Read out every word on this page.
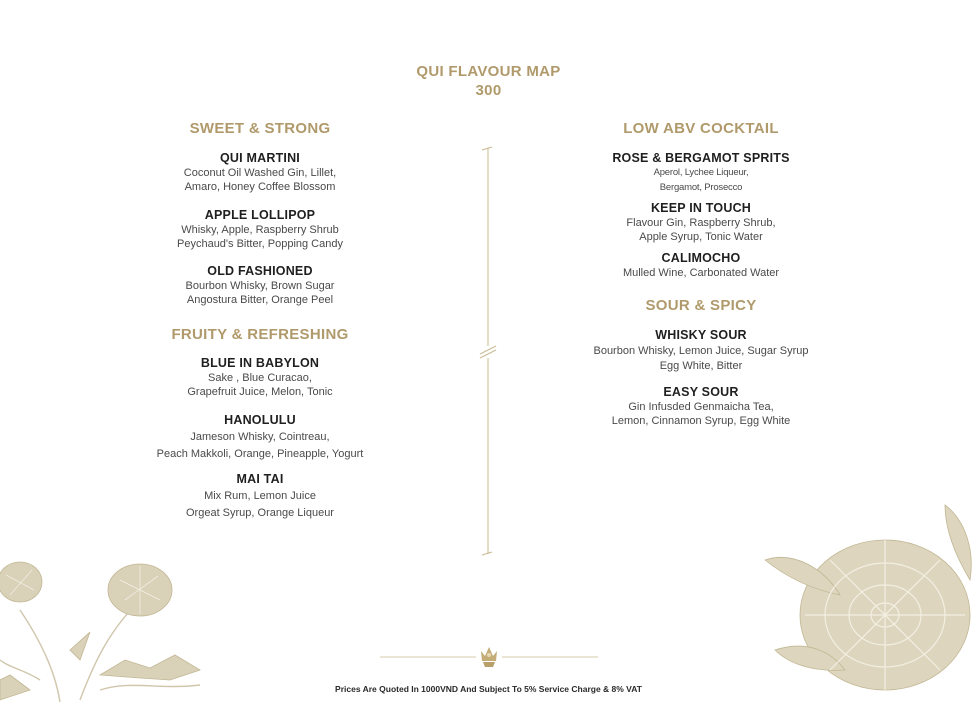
QUI FLAVOUR MAP
300
SWEET & STRONG
QUI MARTINI
Coconut Oil Washed Gin, Lillet,
Amaro, Honey Coffee Blossom
APPLE LOLLIPOP
Whisky, Apple, Raspberry Shrub
Peychaud's Bitter, Popping Candy
OLD FASHIONED
Bourbon Whisky, Brown Sugar
Angostura Bitter, Orange Peel
FRUITY & REFRESHING
BLUE IN BABYLON
Sake , Blue Curacao,
Grapefruit Juice, Melon, Tonic
HANOLULU
Jameson Whisky, Cointreau,
Peach Makkoli, Orange, Pineapple, Yogurt
MAI TAI
Mix Rum, Lemon Juice
Orgeat Syrup, Orange Liqueur
LOW ABV COCKTAIL
ROSE & BERGAMOT SPRITS
Aperol, Lychee Liqueur,
Bergamot, Prosecco
KEEP IN TOUCH
Flavour Gin, Raspberry Shrub,
Apple Syrup, Tonic Water
CALIMOCHO
Mulled Wine, Carbonated Water
SOUR & SPICY
WHISKY SOUR
Bourbon Whisky, Lemon Juice, Sugar Syrup
Egg White, Bitter
EASY SOUR
Gin Infusded Genmaicha Tea,
Lemon, Cinnamon Syrup, Egg White
Prices Are Quoted In 1000VND And Subject To 5% Service Charge & 8% VAT
